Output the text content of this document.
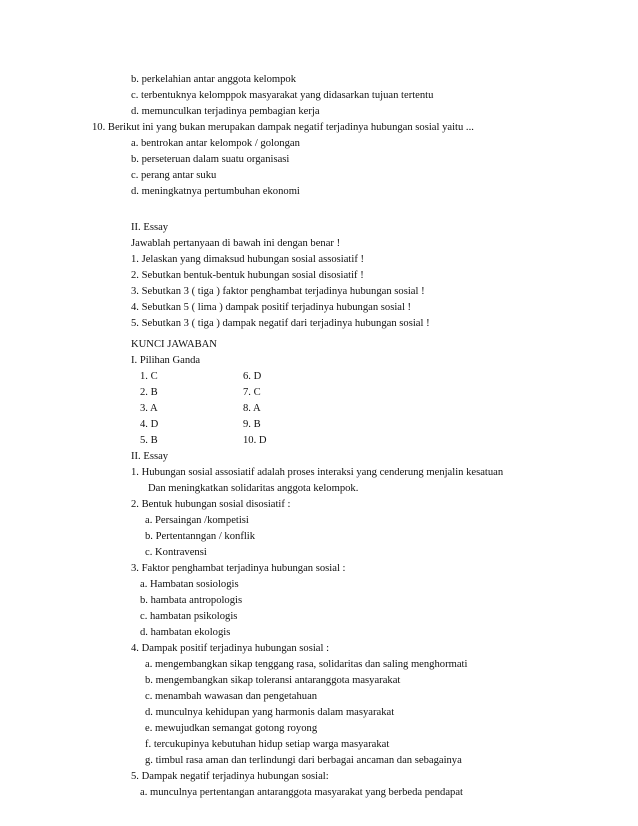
b. perkelahian antar anggota kelompok
c. terbentuknya kelomppok masyarakat yang didasarkan tujuan tertentu
d. memunculkan terjadinya pembagian kerja
10. Berikut ini yang bukan merupakan dampak negatif terjadinya hubungan sosial yaitu ...
a. bentrokan antar kelompok / golongan
b. perseteruan dalam suatu organisasi
c. perang antar suku
d. meningkatnya pertumbuhan ekonomi
II. Essay
Jawablah pertanyaan di bawah ini dengan benar !
1. Jelaskan yang dimaksud hubungan sosial assosiatif !
2. Sebutkan bentuk-bentuk hubungan sosial disosiatif !
3. Sebutkan 3 ( tiga ) faktor penghambat terjadinya hubungan sosial !
4. Sebutkan 5 ( lima ) dampak positif terjadinya hubungan sosial !
5. Sebutkan 3 ( tiga ) dampak negatif dari terjadinya hubungan sosial !
KUNCI JAWABAN
I. Pilihan Ganda
1. C
2. B
3. A
4. D
5. B
6. D
7. C
8. A
9. B
10. D
II. Essay
1. Hubungan sosial assosiatif adalah proses interaksi yang cenderung menjalin kesatuan
Dan meningkatkan solidaritas anggota kelompok.
2. Bentuk hubungan sosial disosiatif :
a. Persaingan /kompetisi
b. Pertentanngan / konflik
c. Kontravensi
3. Faktor penghambat terjadinya hubungan sosial :
a. Hambatan sosiologis
b. hambata antropologis
c. hambatan psikologis
d. hambatan ekologis
4. Dampak positif terjadinya hubungan sosial :
a. mengembangkan sikap tenggang rasa, solidaritas dan saling menghormati
b. mengembangkan sikap toleransi antaranggota masyarakat
c. menambah wawasan dan pengetahuan
d. munculnya kehidupan yang harmonis dalam masyarakat
e. mewujudkan semangat gotong royong
f. tercukupinya kebutuhan hidup setiap warga masyarakat
g. timbul rasa aman dan terlindungi dari berbagai ancaman dan sebagainya
5. Dampak negatif terjadinya hubungan sosial:
a. munculnya pertentangan antaranggota masyarakat yang berbeda pendapat
